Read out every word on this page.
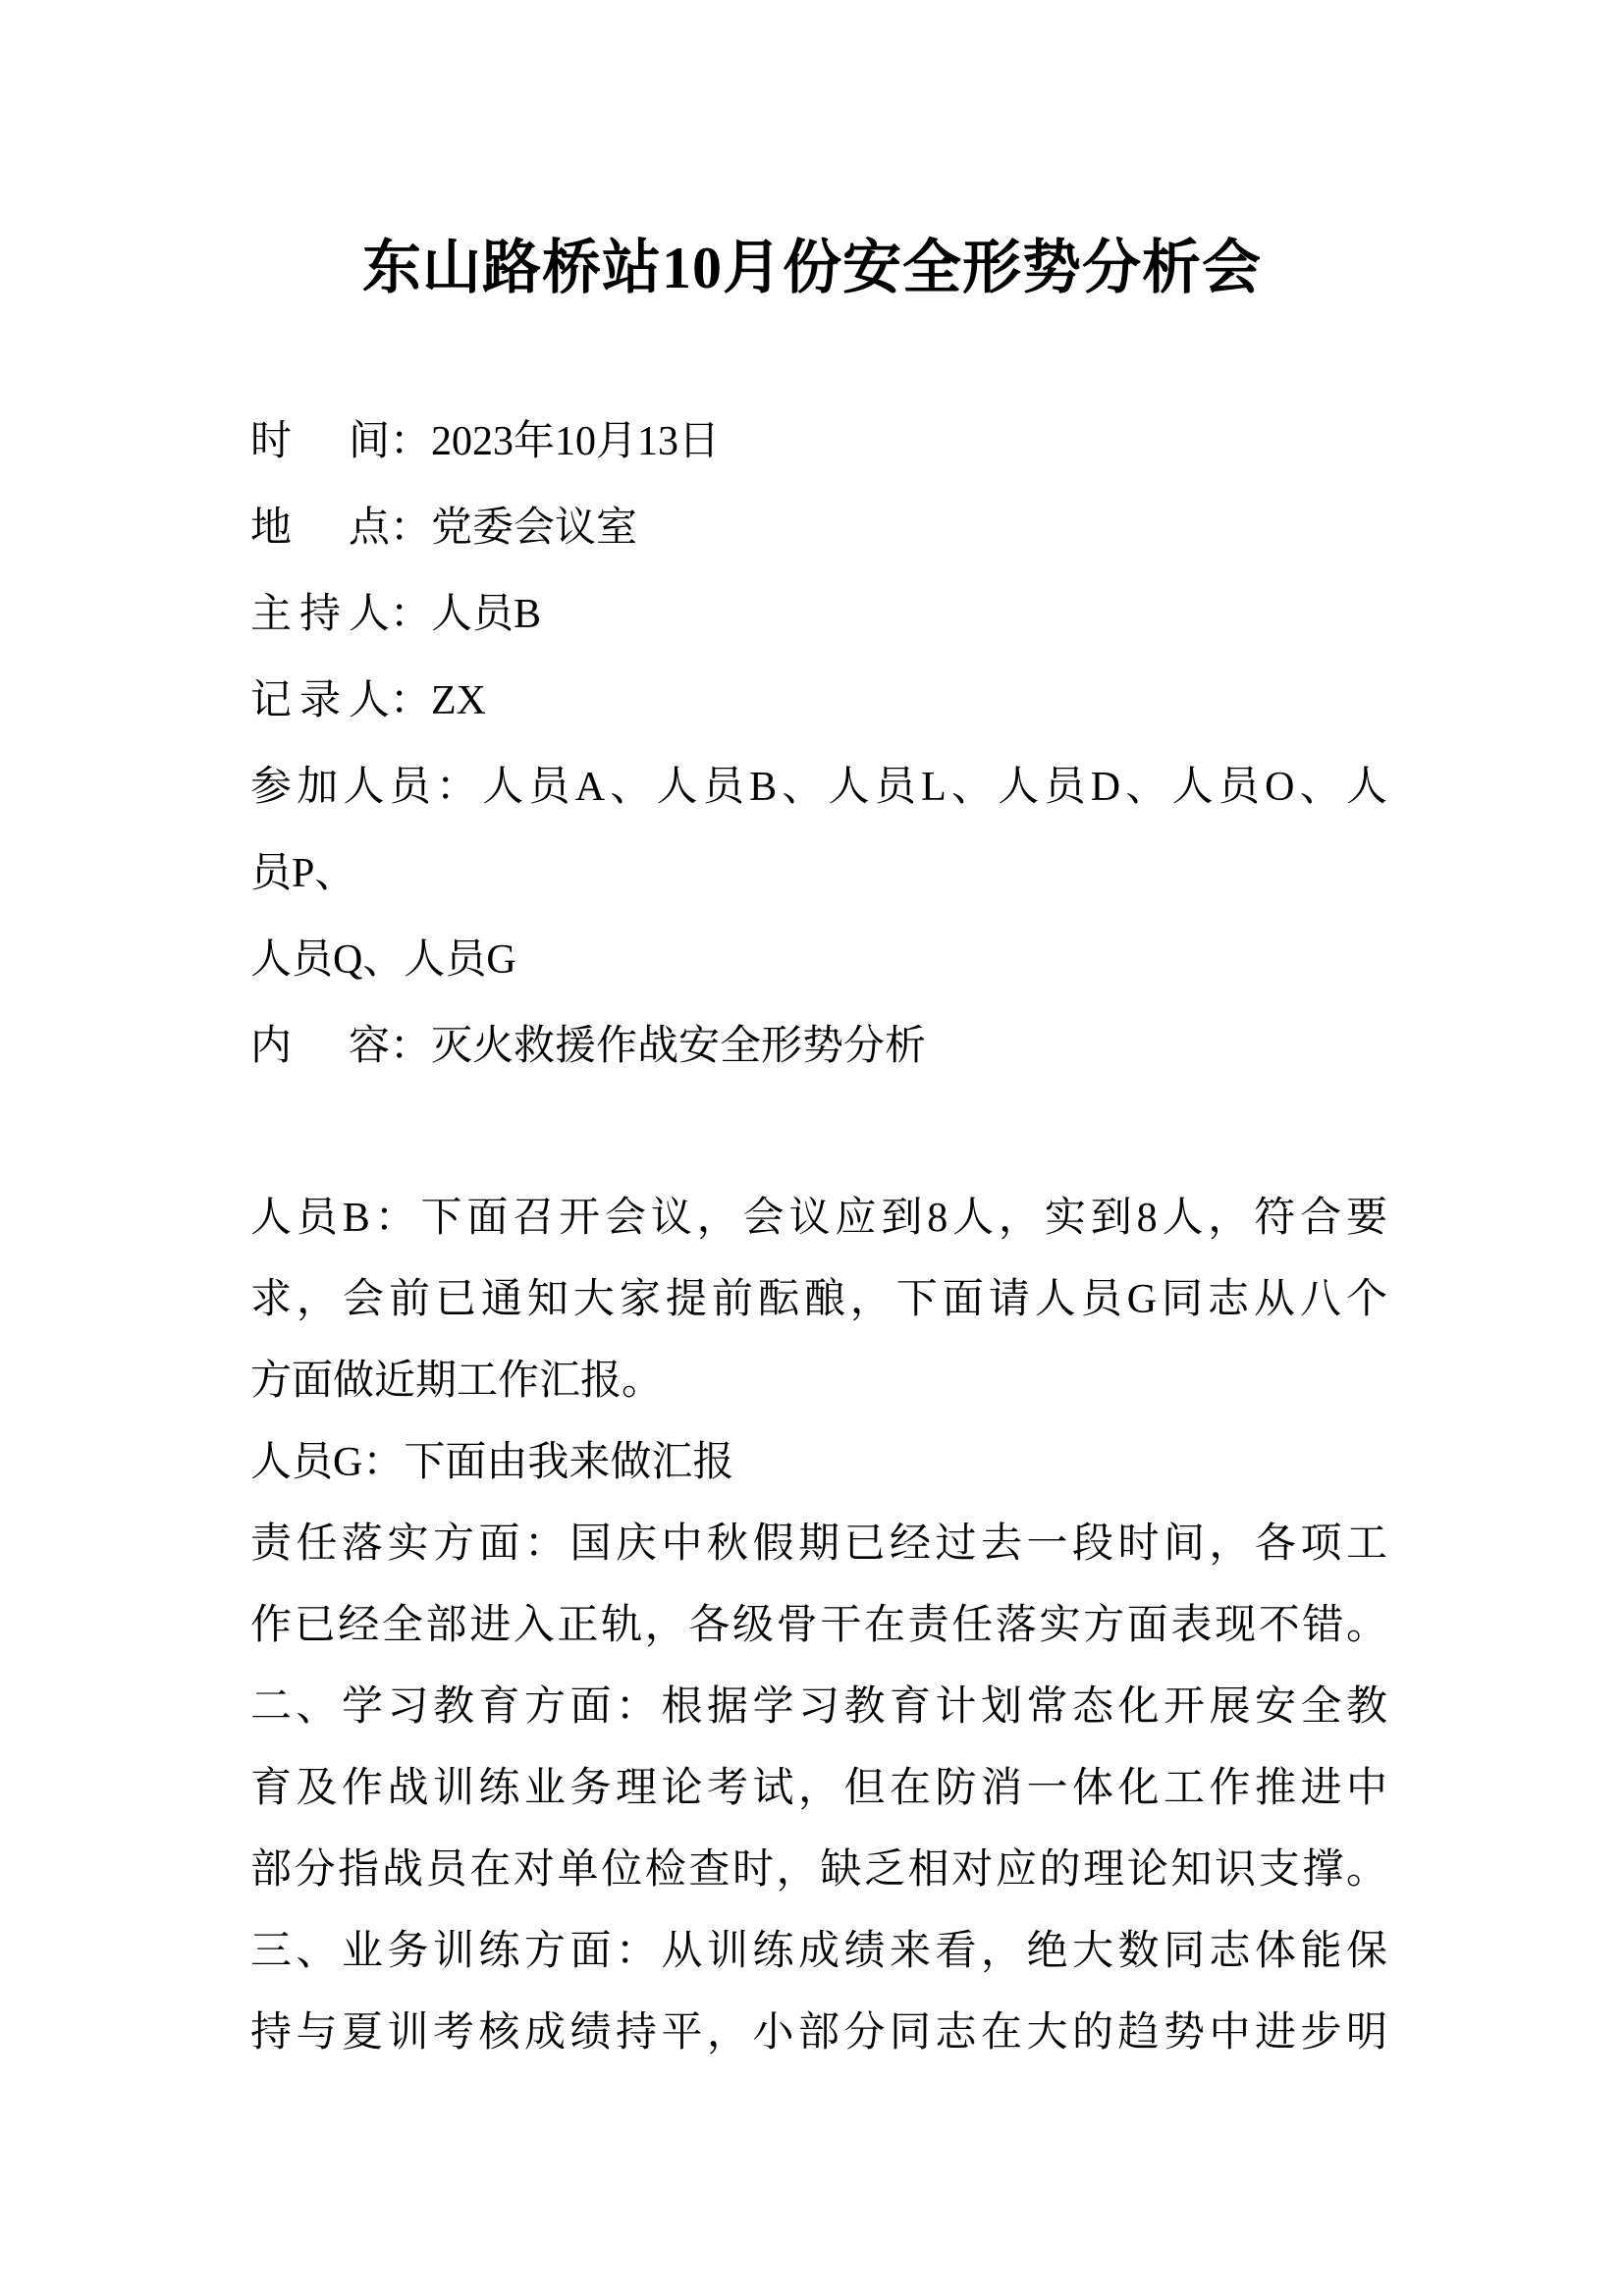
东山路桥站10月份安全形势分析会
时间：2023年10月13日
地点：党委会议室
主持人：人员B
记录人：ZX
参加人员：人员A、人员B、人员L、人员D、人员O、人
员P、
人员Q、人员G
内容：灭火救援作战安全形势分析
人员B：下面召开会议，会议应到8人，实到8人，符合要
求，会前已通知大家提前酝酿，下面请人员G同志从八个
方面做近期工作汇报。
人员G：下面由我来做汇报
责任落实方面：国庆中秋假期已经过去一段时间，各项工
作已经全部进入正轨，各级骨干在责任落实方面表现不错。
二、学习教育方面：根据学习教育计划常态化开展安全教
育及作战训练业务理论考试，但在防消一体化工作推进中
部分指战员在对单位检查时，缺乏相对应的理论知识支撑。
三、业务训练方面：从训练成绩来看，绝大数同志体能保
持与夏训考核成绩持平，小部分同志在大的趋势中进步明
